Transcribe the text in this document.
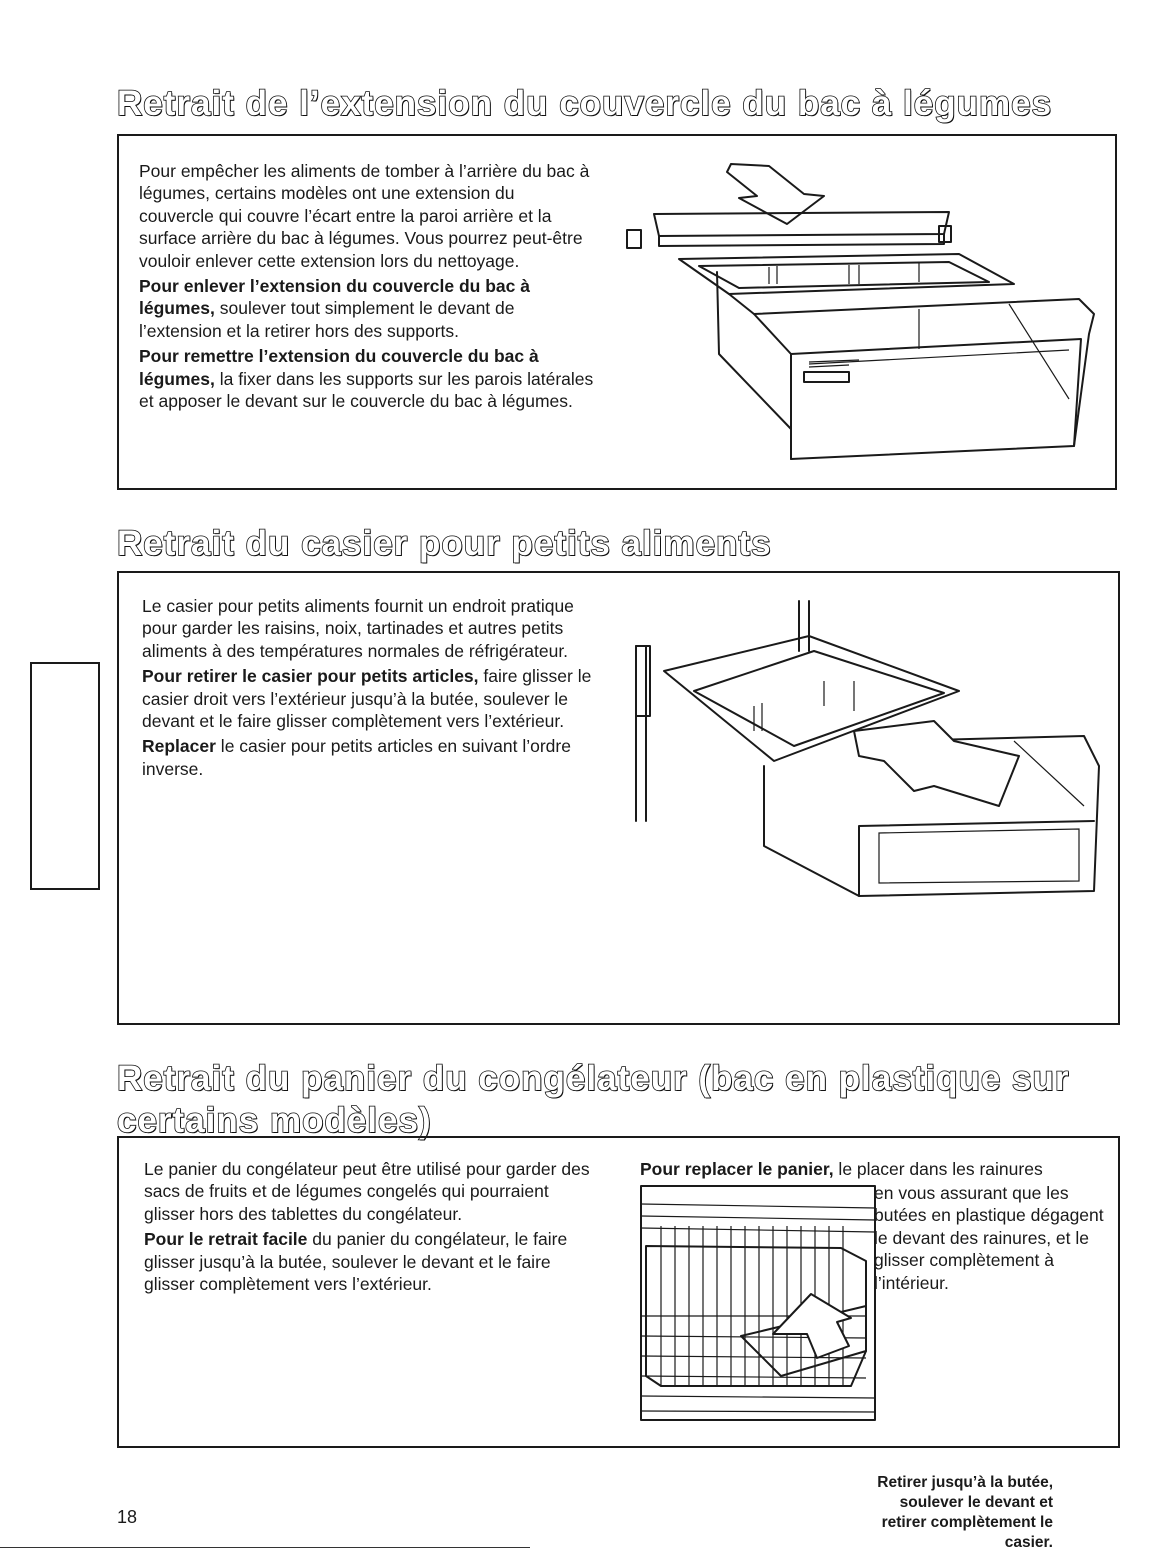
Retrait de l’extension du couvercle du bac à légumes

Pour empêcher les aliments de tomber à l’arrière du bac à légumes, certains modèles ont une extension du couvercle qui couvre l’écart entre la paroi arrière et la surface arrière du bac à légumes. Vous pourrez peut-être vouloir enlever cette extension lors du nettoyage.

Pour enlever l’extension du couvercle du bac à légumes, soulever tout simplement le devant de l’extension et la retirer hors des supports.

Pour remettre l’extension du couvercle du bac à légumes, la fixer dans les supports sur les parois latérales et apposer le devant sur le couvercle du bac à légumes.

Retrait du casier pour petits aliments

Le casier pour petits aliments fournit un endroit pratique pour garder les raisins, noix, tartinades et autres petits aliments à des températures normales de réfrigérateur.

Pour retirer le casier pour petits articles, faire glisser le casier droit vers l’extérieur jusqu’à la butée, soulever le devant et le faire glisser complètement vers l’extérieur.

Replacer le casier pour petits articles en suivant l’ordre inverse.

Retirer jusqu’à la butée, soulever le devant et retirer complètement le casier.
Retrait du panier du congélateur (bac en plastique sur
certains modèles)

Le panier du congélateur peut être utilisé pour garder des sacs de fruits et de légumes congelés qui pourraient glisser hors des tablettes du congélateur.

Pour le retrait facile du panier du congélateur, le faire glisser jusqu’à la butée, soulever le devant et le faire glisser complètement vers l’extérieur.

Pour replacer le panier, le placer dans les rainures
en vous assurant que les butées en plastique dégagent le devant des rainures, et le glisser complètement à l’intérieur.
18
